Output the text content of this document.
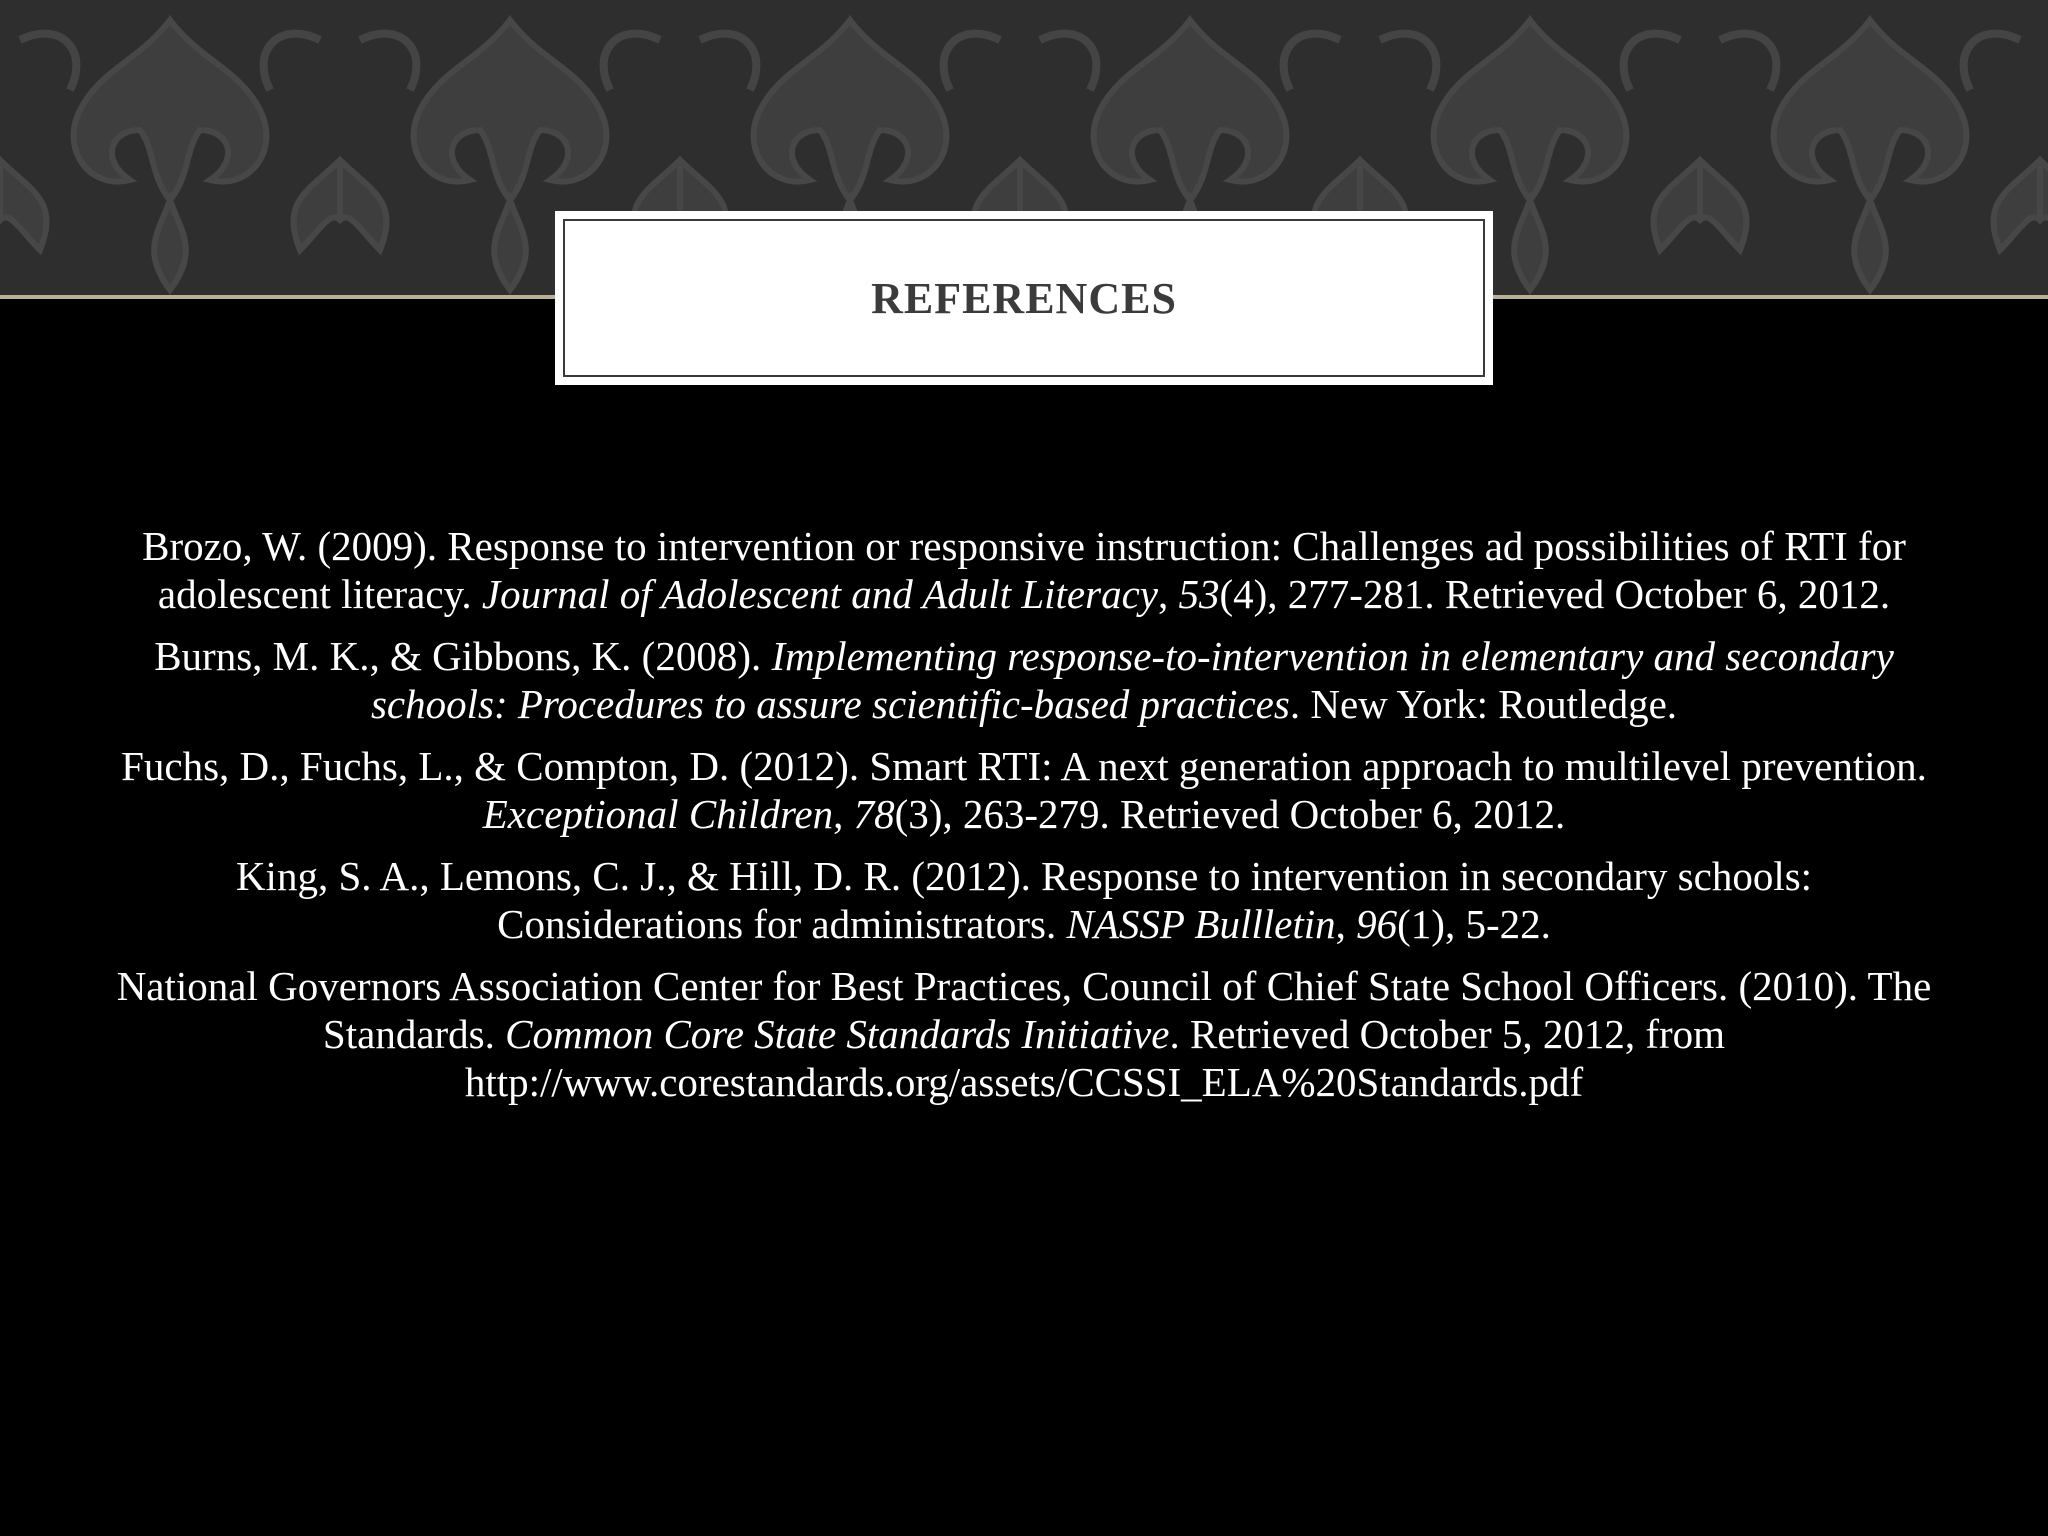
REFERENCES

Brozo, W. (2009). Response to intervention or responsive instruction: Challenges ad possibilities of RTI for adolescent literacy. Journal of Adolescent and Adult Literacy, 53(4), 277-281. Retrieved October 6, 2012.

Burns, M. K., & Gibbons, K. (2008). Implementing response-to-intervention in elementary and secondary schools: Procedures to assure scientific-based practices. New York: Routledge.

Fuchs, D., Fuchs, L., & Compton, D. (2012). Smart RTI: A next generation approach to multilevel prevention. Exceptional Children, 78(3), 263-279. Retrieved October 6, 2012.

King, S. A., Lemons, C. J., & Hill, D. R. (2012). Response to intervention in secondary schools: Considerations for administrators. NASSP Bullletin, 96(1), 5-22.

National Governors Association Center for Best Practices, Council of Chief State School Officers. (2010). The Standards. Common Core State Standards Initiative. Retrieved October 5, 2012, from http://www.corestandards.org/assets/CCSSI_ELA%20Standards.pdf
